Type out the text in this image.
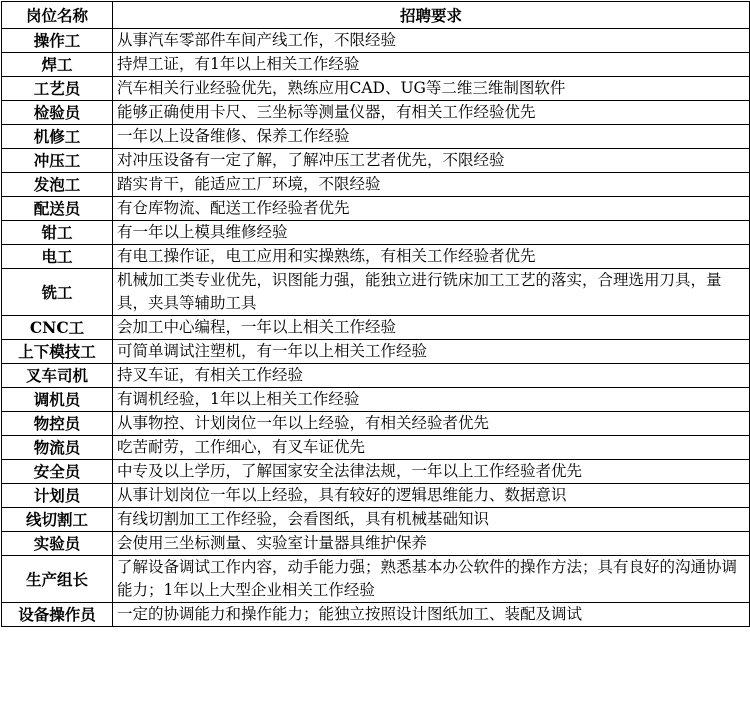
岗位名称	招聘要求
操作工	从事汽车零部件车间产线工作，不限经验
焊工	持焊工证，有1年以上相关工作经验
工艺员	汽车相关行业经验优先，熟练应用CAD、UG等二维三维制图软件
检验员	能够正确使用卡尺、三坐标等测量仪器，有相关工作经验优先
机修工	一年以上设备维修、保养工作经验
冲压工	对冲压设备有一定了解，了解冲压工艺者优先，不限经验
发泡工	踏实肯干，能适应工厂环境，不限经验
配送员	有仓库物流、配送工作经验者优先
钳工	有一年以上模具维修经验
电工	有电工操作证，电工应用和实操熟练，有相关工作经验者优先
铣工	机械加工类专业优先，识图能力强，能独立进行铣床加工工艺的落实，合理选用刀具，量具，夹具等辅助工具
CNC工	会加工中心编程，一年以上相关工作经验
上下模技工	可简单调试注塑机，有一年以上相关工作经验
叉车司机	持叉车证，有相关工作经验
调机员	有调机经验，1年以上相关工作经验
物控员	从事物控、计划岗位一年以上经验，有相关经验者优先
物流员	吃苦耐劳，工作细心，有叉车证优先
安全员	中专及以上学历，了解国家安全法律法规，一年以上工作经验者优先
计划员	从事计划岗位一年以上经验，具有较好的逻辑思维能力、数据意识
线切割工	有线切割加工工作经验，会看图纸，具有机械基础知识
实验员	会使用三坐标测量、实验室计量器具维护保养
生产组长	了解设备调试工作内容，动手能力强；熟悉基本办公软件的操作方法；具有良好的沟通协调能力；1年以上大型企业相关工作经验
设备操作员	一定的协调能力和操作能力；能独立按照设计图纸加工、装配及调试
